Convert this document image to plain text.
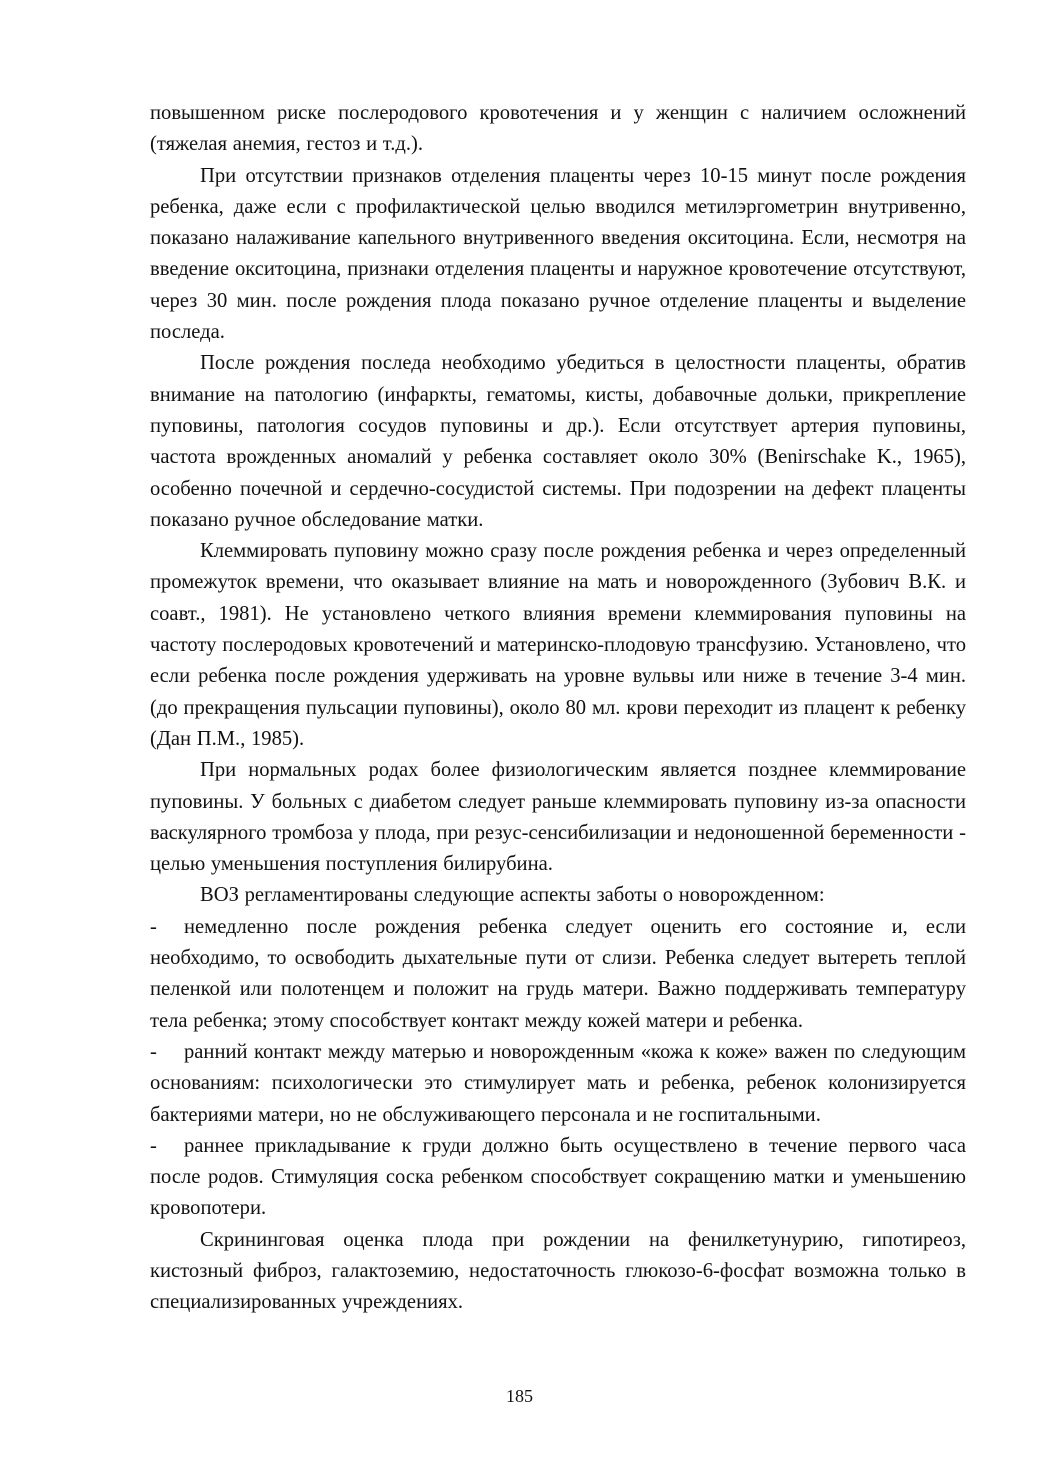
повышенном риске послеродового кровотечения и у женщин с наличием осложнений (тяжелая анемия, гестоз и т.д.).

При отсутствии признаков отделения плаценты через 10-15 минут после рождения ребенка, даже если с профилактической целью вводился метилэргометрин внутривенно, показано налаживание капельного внутривенного введения окситоцина. Если, несмотря на введение окситоцина, признаки отделения плаценты и наружное кровотечение отсутствуют, через 30 мин. после рождения плода показано ручное отделение плаценты и выделение последа.

После рождения последа необходимо убедиться в целостности плаценты, обратив внимание на патологию (инфаркты, гематомы, кисты, добавочные дольки, прикрепление пуповины, патология сосудов пуповины и др.). Если отсутствует артерия пуповины, частота врожденных аномалий у ребенка составляет около 30% (Benirschake K., 1965), особенно почечной и сердечно-сосудистой системы. При подозрении на дефект плаценты показано ручное обследование матки.

Клеммировать пуповину можно сразу после рождения ребенка и через определенный промежуток времени, что оказывает влияние на мать и новорожденного (Зубович В.К. и соавт., 1981). Не установлено четкого влияния времени клеммирования пуповины на частоту послеродовых кровотечений и материнско-плодовую трансфузию. Установлено, что если ребенка после рождения удерживать на уровне вульвы или ниже в течение 3-4 мин. (до прекращения пульсации пуповины), около 80 мл. крови переходит из плацент к ребенку (Дан П.М., 1985).

При нормальных родах более физиологическим является позднее клеммирование пуповины. У больных с диабетом следует раньше клеммировать пуповину из-за опасности васкулярного тромбоза у плода, при резус-сенсибилизации и недоношенной беременности - целью уменьшения поступления билирубина.

ВОЗ регламентированы следующие аспекты заботы о новорожденном:

- немедленно после рождения ребенка следует оценить его состояние и, если необходимо, то освободить дыхательные пути от слизи. Ребенка следует вытереть теплой пеленкой или полотенцем и положит на грудь матери. Важно поддерживать температуру тела ребенка; этому способствует контакт между кожей матери и ребенка.

- ранний контакт между матерью и новорожденным «кожа к коже» важен по следующим основаниям: психологически это стимулирует мать и ребенка, ребенок колонизируется бактериями матери, но не обслуживающего персонала и не госпитальными.

- раннее прикладывание к груди должно быть осуществлено в течение первого часа после родов. Стимуляция соска ребенком способствует сокращению матки и уменьшению кровопотери.

Скрининговая оценка плода при рождении на фенилкетунурию, гипотиреоз, кистозный фиброз, галактоземию, недостаточность глюкозо-6-фосфат возможна только в специализированных учреждениях.

185
